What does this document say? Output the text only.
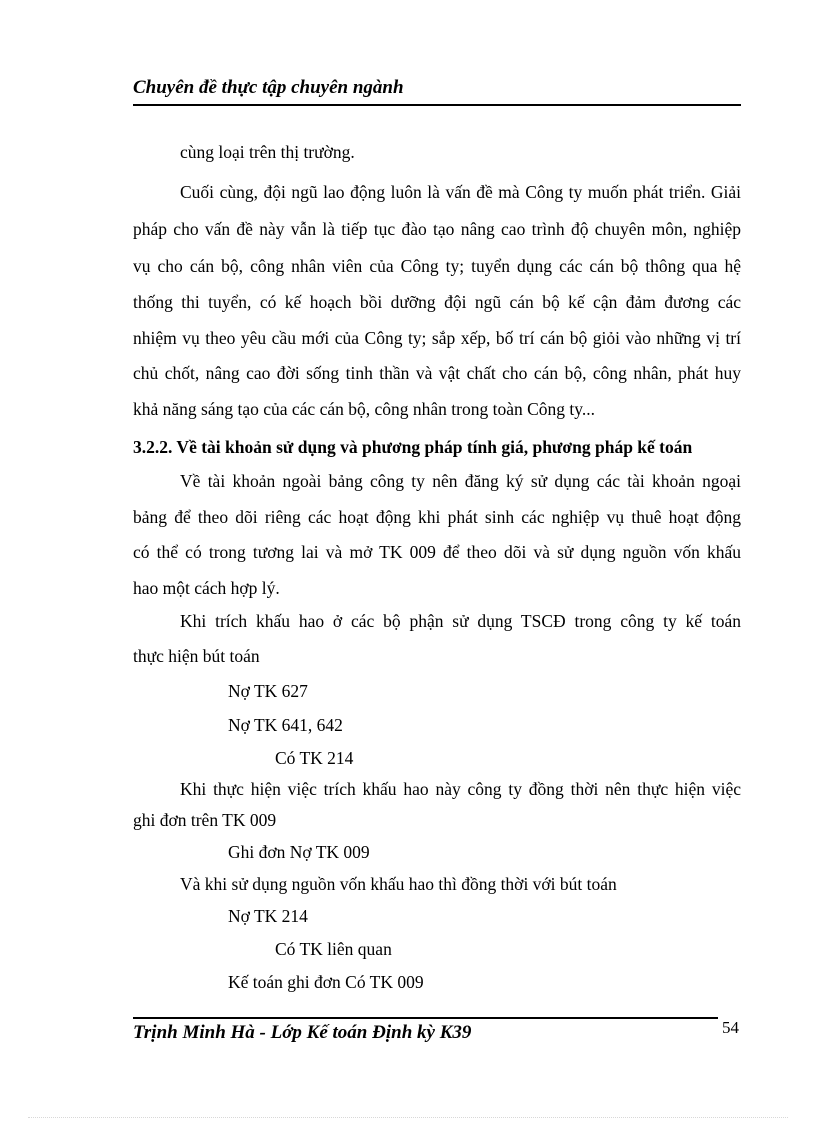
Chuyên đề thực tập chuyên ngành
cùng loại trên thị trường.
Cuối cùng, đội ngũ lao động luôn là vấn đề mà Công ty muốn phát triển. Giải
pháp cho vấn đề này vẫn là tiếp tục đào tạo nâng cao trình độ chuyên môn, nghiệp
vụ cho cán bộ, công nhân viên của Công ty; tuyển dụng các cán bộ thông qua hệ
thống thi tuyển, có kế hoạch bồi dưỡng đội ngũ cán bộ kế cận đảm đương các
nhiệm vụ theo yêu cầu mới của Công ty; sắp xếp, bố trí cán bộ giỏi vào những vị trí
chủ chốt, nâng cao đời sống tinh thần và vật chất cho cán bộ, công nhân, phát huy
khả năng sáng tạo của các cán bộ, công nhân trong toàn Công ty...
3.2.2. Về tài khoản sử dụng và phương pháp tính giá, phương pháp kế toán
Về tài khoản ngoài bảng công ty nên đăng ký sử dụng các tài khoản ngoại
bảng để theo dõi riêng các hoạt động khi phát sinh các nghiệp vụ thuê hoạt động
có thể có trong tương lai và mở TK 009 để theo dõi và sử dụng nguồn vốn khấu
hao một cách hợp lý.
Khi trích khấu hao ở các bộ phận sử dụng TSCĐ trong công ty kế toán
thực hiện bút toán
Nợ TK 627
Nợ TK 641, 642
Có TK 214
Khi thực hiện việc trích khấu hao này công ty đồng thời nên thực hiện việc
ghi đơn trên TK 009
Ghi đơn Nợ TK 009
Và khi sử dụng nguồn vốn khấu hao thì đồng thời với bút toán
Nợ TK 214
Có TK liên quan
Kế toán ghi đơn Có TK 009
Trịnh Minh Hà - Lớp Kế toán Định kỳ K39	54
